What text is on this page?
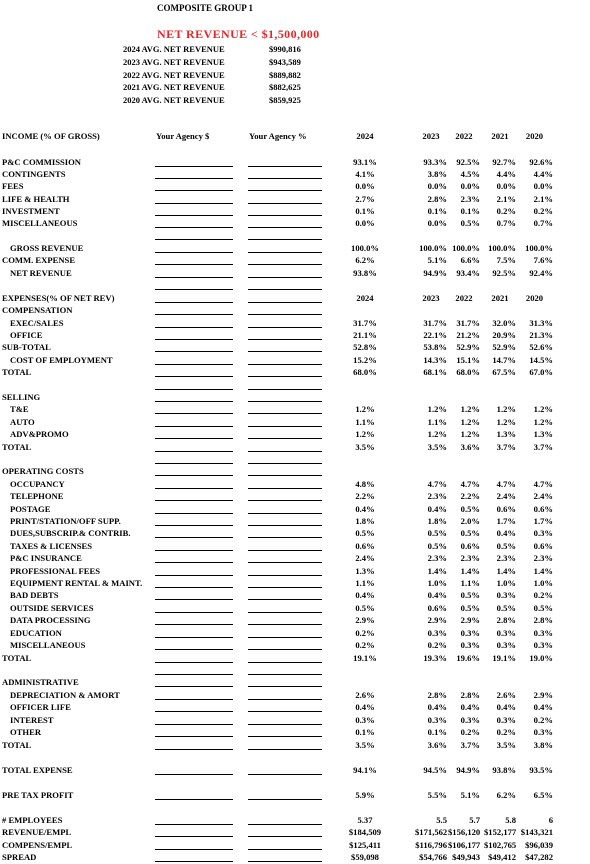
COMPOSITE GROUP 1
NET REVENUE < $1,500,000
2024 AVG. NET REVENUE	$990,816
2023 AVG. NET REVENUE	$943,589
2022 AVG. NET REVENUE	$889,882
2021 AVG. NET REVENUE	$882,625
2020 AVG. NET REVENUE	$859,925
INCOME (% OF GROSS)	Your Agency $	Your Agency %	2024	2023	2022	2021	2020
P&C COMMISSION	93.1%	93.3%	92.5%	92.7%	92.6%
CONTINGENTS	4.1%	3.8%	4.5%	4.4%	4.4%
FEES	0.0%	0.0%	0.0%	0.0%	0.0%
LIFE & HEALTH	2.7%	2.8%	2.3%	2.1%	2.1%
INVESTMENT	0.1%	0.1%	0.1%	0.2%	0.2%
MISCELLANEOUS	0.0%	0.0%	0.5%	0.7%	0.7%
GROSS REVENUE	100.0%	100.0% 100.0% 100.0%	100.0%
COMM. EXPENSE	6.2%	5.1%	6.6%	7.5%	7.6%
NET REVENUE	93.8%	94.9%	93.4%	92.5%	92.4%
EXPENSES(% OF NET REV)	2024	2023	2022	2021	2020
COMPENSATION
EXEC/SALES	31.7%	31.7%	31.7%	32.0%	31.3%
OFFICE	21.1%	22.1%	21.2%	20.9%	21.3%
SUB-TOTAL	52.8%	53.8%	52.9%	52.9%	52.6%
COST OF EMPLOYMENT	15.2%	14.3%	15.1%	14.7%	14.5%
TOTAL	68.0%	68.1%	68.0%	67.5%	67.0%
SELLING
T&E	1.2%	1.2%	1.2%	1.2%	1.2%
AUTO	1.1%	1.1%	1.2%	1.2%	1.2%
ADV&PROMO	1.2%	1.2%	1.2%	1.3%	1.3%
TOTAL	3.5%	3.5%	3.6%	3.7%	3.7%
OPERATING COSTS
OCCUPANCY	4.8%	4.7%	4.7%	4.7%	4.7%
TELEPHONE	2.2%	2.3%	2.2%	2.4%	2.4%
POSTAGE	0.4%	0.4%	0.5%	0.6%	0.6%
PRINT/STATION/OFF SUPP.	1.8%	1.8%	2.0%	1.7%	1.7%
DUES,SUBSCRIP.& CONTRIB.	0.5%	0.5%	0.5%	0.4%	0.3%
TAXES & LICENSES	0.6%	0.5%	0.6%	0.5%	0.6%
P&C INSURANCE	2.4%	2.3%	2.3%	2.3%	2.3%
PROFESSIONAL FEES	1.3%	1.4%	1.4%	1.4%	1.4%
EQUIPMENT RENTAL & MAINT.	1.1%	1.0%	1.1%	1.0%	1.0%
BAD DEBTS	0.4%	0.4%	0.5%	0.3%	0.2%
OUTSIDE SERVICES	0.5%	0.6%	0.5%	0.5%	0.5%
DATA PROCESSING	2.9%	2.9%	2.9%	2.8%	2.8%
EDUCATION	0.2%	0.3%	0.3%	0.3%	0.3%
MISCELLANEOUS	0.2%	0.2%	0.3%	0.3%	0.3%
TOTAL	19.1%	19.3%	19.6%	19.1%	19.0%
ADMINISTRATIVE
DEPRECIATION & AMORT	2.6%	2.8%	2.8%	2.6%	2.9%
OFFICER LIFE	0.4%	0.4%	0.4%	0.4%	0.4%
INTEREST	0.3%	0.3%	0.3%	0.3%	0.2%
OTHER	0.1%	0.1%	0.2%	0.2%	0.3%
TOTAL	3.5%	3.6%	3.7%	3.5%	3.8%
TOTAL EXPENSE	94.1%	94.5%	94.9%	93.8%	93.5%
PRE TAX PROFIT	5.9%	5.5%	5.1%	6.2%	6.5%
# EMPLOYEES	5.37	5.5	5.7	5.8	6
REVENUE/EMPL	$184,509	$171,562 $156,120 $152,177 $143,321
COMPENS/EMPL	$125,411	$116,796 $106,177 $102,765	$96,039
SPREAD	$59,098	$54,766 $49,943 $49,412	$47,282
